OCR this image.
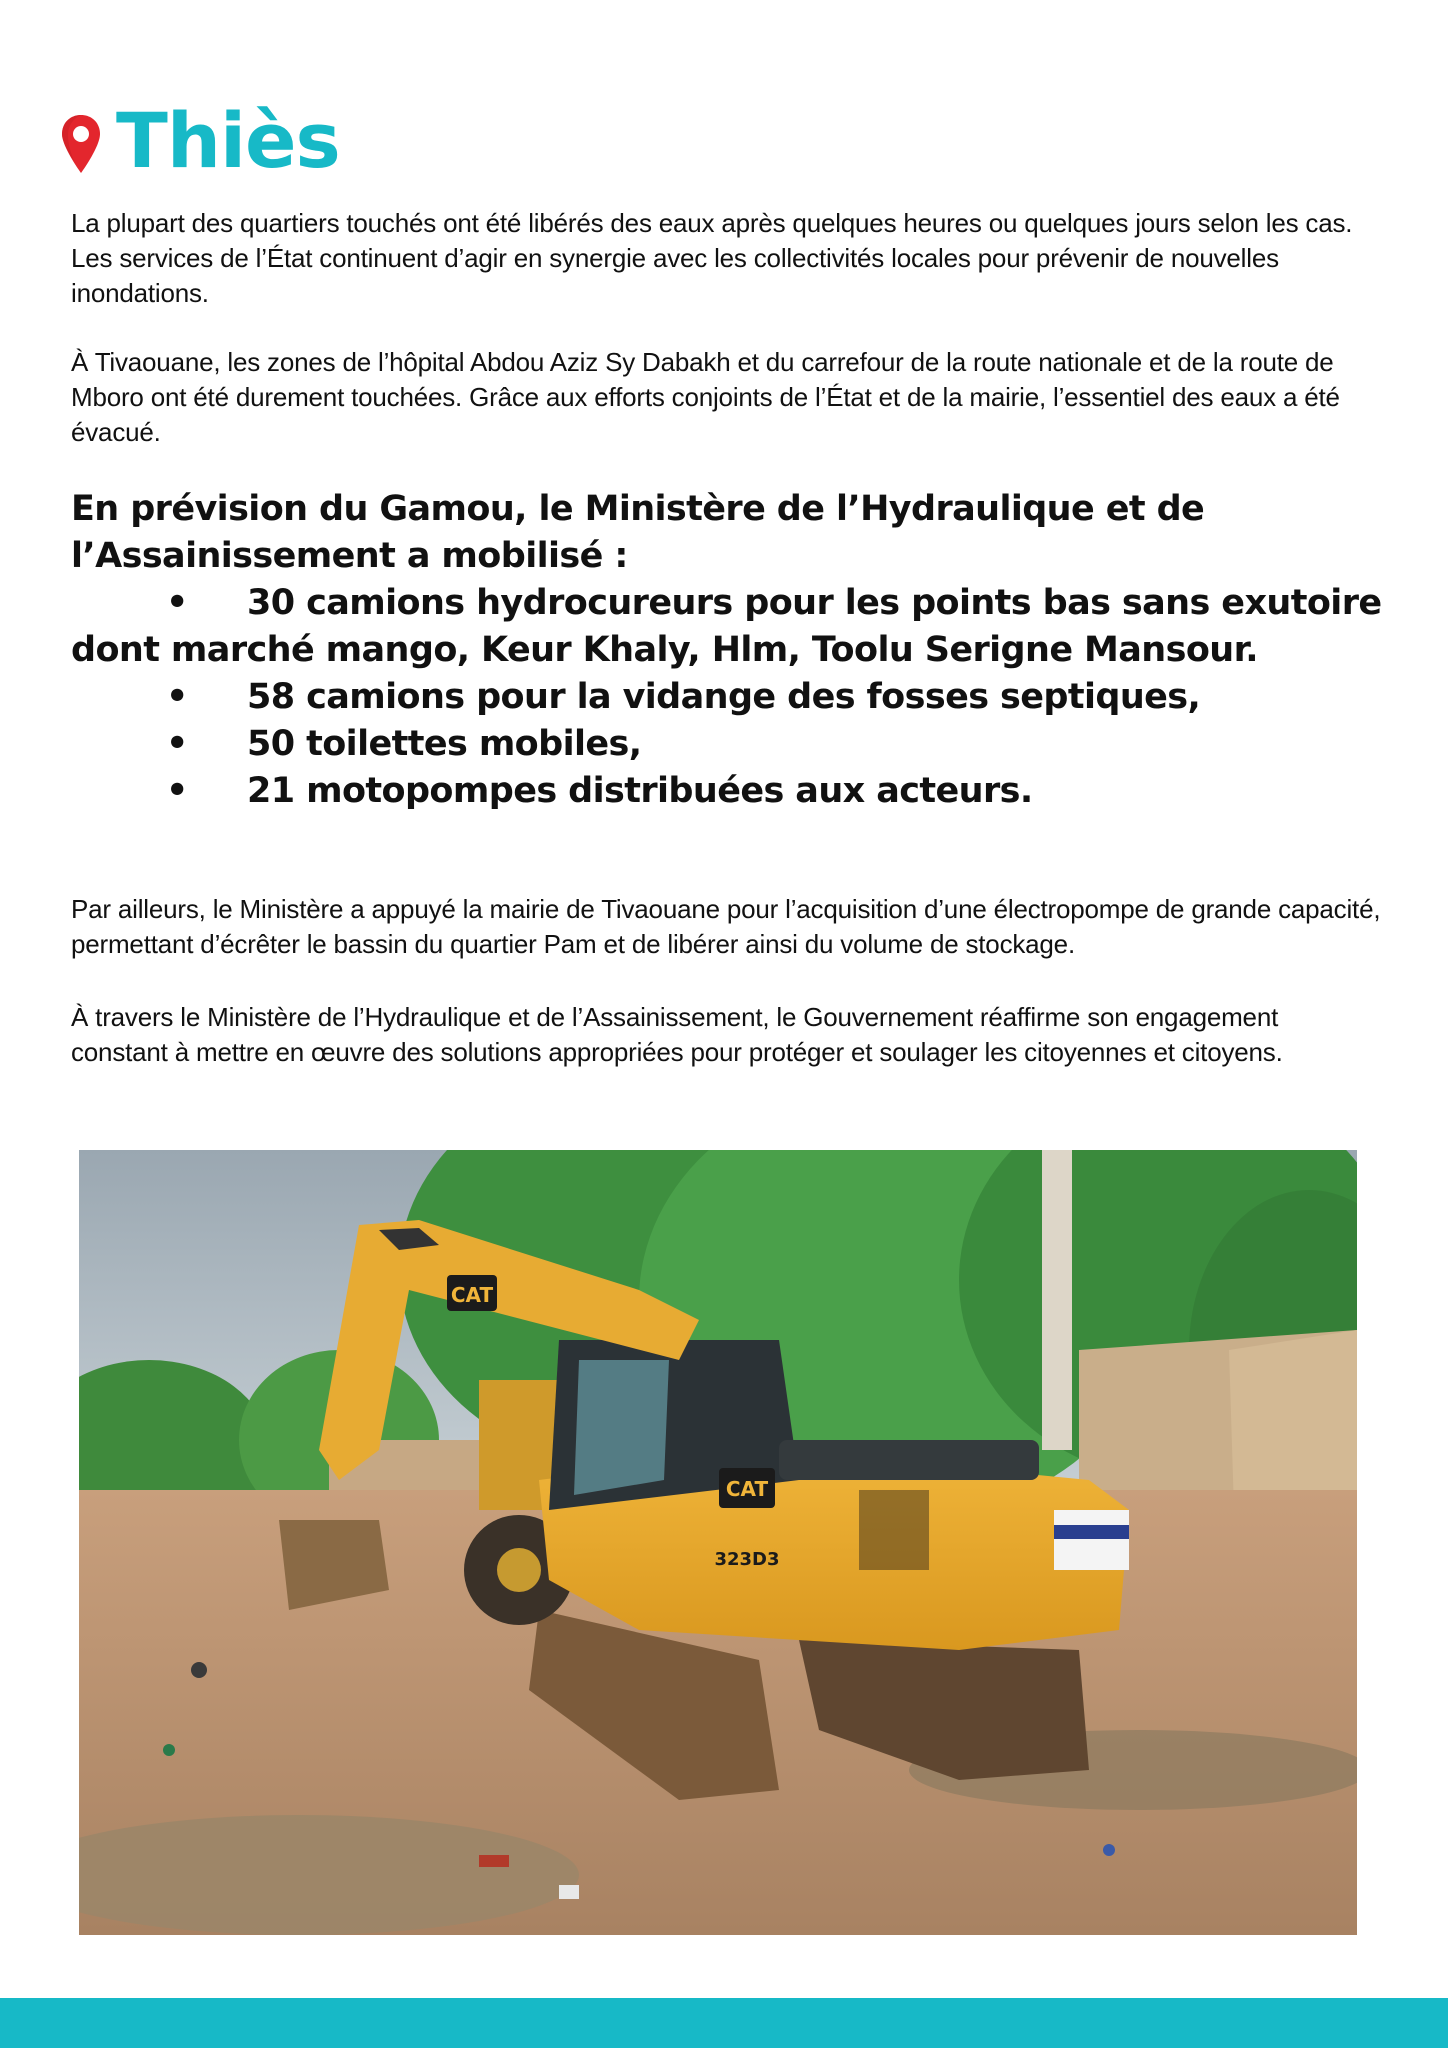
Thiès

La plupart des quartiers touchés ont été libérés des eaux après quelques heures ou quelques jours selon les cas. Les services de l’État continuent d’agir en synergie avec les collectivités locales pour prévenir de nouvelles inondations.

À Tivaouane, les zones de l’hôpital Abdou Aziz Sy Dabakh et du carrefour de la route nationale et de la route de Mboro ont été durement touchées. Grâce aux efforts conjoints de l’État et de la mairie, l’essentiel des eaux a été évacué.

En prévision du Gamou, le Ministère de l’Hydraulique et de l’Assainissement a mobilisé :
• 30 camions hydrocureurs pour les points bas sans exutoire dont marché mango, Keur Khaly, Hlm, Toolu Serigne Mansour.
• 58 camions pour la vidange des fosses septiques,
• 50 toilettes mobiles,
• 21 motopompes distribuées aux acteurs.

Par ailleurs, le Ministère a appuyé la mairie de Tivaouane pour l’acquisition d’une électropompe de grande capacité, permettant d’écrêter le bassin du quartier Pam et de libérer ainsi du volume de stockage.

À travers le Ministère de l’Hydraulique et de l’Assainissement, le Gouvernement réaffirme son engagement constant à mettre en œuvre des solutions appropriées pour protéger et soulager les citoyennes et citoyens.

CAT
CAT
323D3
